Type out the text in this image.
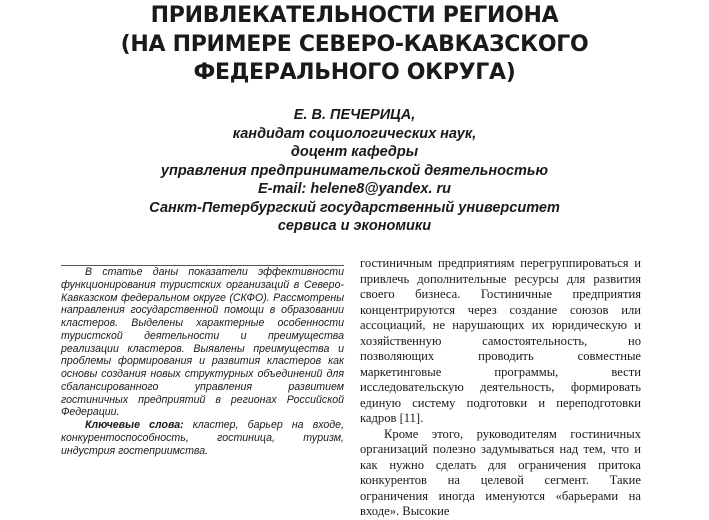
ПРИВЛЕКАТЕЛЬНОСТИ РЕГИОНА
(НА ПРИМЕРЕ СЕВЕРО-КАВКАЗСКОГО
ФЕДЕРАЛЬНОГО ОКРУГА)
Е. В. ПЕЧЕРИЦА,
кандидат социологических наук,
доцент кафедры
управления предпринимательской деятельностью
E-mail: helene8@yandex. ru
Санкт-Петербургский государственный университет
сервиса и экономики

В статье даны показатели эффективности функционирования туристских организаций в Северо-Кавказском федеральном округе (СКФО). Рассмотрены направления государственной помощи в образовании кластеров. Выделены характерные особенности туристской деятельности и преимущества реализации кластеров. Выявлены преимущества и проблемы формирования и развития кластеров как основы создания новых структурных объединений для сбалансированного управления развитием гостиничных предприятий в регионах Российской Федерации.

Ключевые слова: кластер, барьер на входе, конкурентоспособность, гостиница, туризм, индустрия гостеприимства.

гостиничным предприятиям перегруппироваться и привлечь дополнительные ресурсы для развития своего бизнеса. Гостиничные предприятия концентрируются через создание союзов или ассоциаций, не нарушающих их юридическую и хозяйственную самостоятельность, но позволяющих проводить совместные маркетинговые программы, вести исследовательскую деятельность, формировать единую систему подготовки и переподготовки кадров [11].

Кроме этого, руководителям гостиничных организаций полезно задумываться над тем, что и как нужно сделать для ограничения притока конкурентов на целевой сегмент. Такие ограничения иногда именуются «барьерами на входе». Высокие
